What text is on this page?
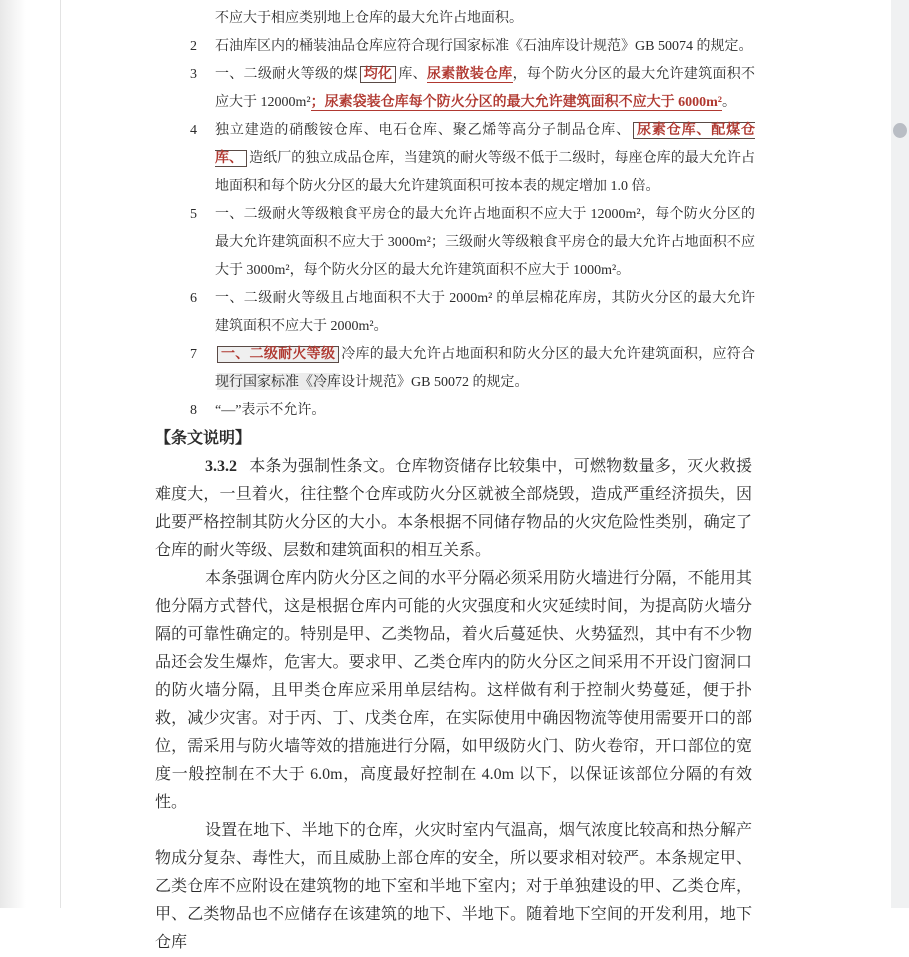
不应大于相应类别地上仓库的最大允许占地面积。
2 石油库区内的桶装油品仓库应符合现行国家标准《石油库设计规范》GB 50074 的规定。
3 一、二级耐火等级的煤 均化 库、尿素散装仓库，每个防火分区的最大允许建筑面积不应大于 12000m²；尿素袋装仓库每个防火分区的最大允许建筑面积不应大于 6000m²。
4 独立建造的硝酸铵仓库、电石仓库、聚乙烯等高分子制品仓库、 尿素仓库、配煤仓库、 造纸厂的独立成品仓库，当建筑的耐火等级不低于二级时，每座仓库的最大允许占地面积和每个防火分区的最大允许建筑面积可按本表的规定增加 1.0 倍。
5 一、二级耐火等级粮食平房仓的最大允许占地面积不应大于 12000m²，每个防火分区的最大允许建筑面积不应大于 3000m²；三级耐火等级粮食平房仓的最大允许占地面积不应大于 3000m²，每个防火分区的最大允许建筑面积不应大于 1000m²。
6 一、二级耐火等级且占地面积不大于 2000m² 的单层棉花库房，其防火分区的最大允许建筑面积不应大于 2000m²。
7 一、二级耐火等级 冷库的最大允许占地面积和防火分区的最大允许建筑面积，应符合现行国家标准《冷库设计规范》GB 50072 的规定。
8 “—”表示不允许。
【条文说明】

3.3.2 本条为强制性条文。仓库物资储存比较集中，可燃物数量多，灭火救援难度大，一旦着火，往往整个仓库或防火分区就被全部烧毁，造成严重经济损失，因此要严格控制其防火分区的大小。本条根据不同储存物品的火灾危险性类别，确定了仓库的耐火等级、层数和建筑面积的相互关系。

本条强调仓库内防火分区之间的水平分隔必须采用防火墙进行分隔，不能用其他分隔方式替代，这是根据仓库内可能的火灾强度和火灾延续时间，为提高防火墙分隔的可靠性确定的。特别是甲、乙类物品，着火后蔓延快、火势猛烈，其中有不少物品还会发生爆炸，危害大。要求甲、乙类仓库内的防火分区之间采用不开设门窗洞口的防火墙分隔，且甲类仓库应采用单层结构。这样做有利于控制火势蔓延，便于扑救，减少灾害。对于丙、丁、戊类仓库，在实际使用中确因物流等使用需要开口的部位，需采用与防火墙等效的措施进行分隔，如甲级防火门、防火卷帘，开口部位的宽度一般控制在不大于 6.0m，高度最好控制在 4.0m 以下，以保证该部位分隔的有效性。

设置在地下、半地下的仓库，火灾时室内气温高，烟气浓度比较高和热分解产物成分复杂、毒性大，而且威胁上部仓库的安全，所以要求相对较严。本条规定甲、乙类仓库不应附设在建筑物的地下室和半地下室内；对于单独建设的甲、乙类仓库，甲、乙类物品也不应储存在该建筑的地下、半地下。随着地下空间的开发利用，地下仓库
